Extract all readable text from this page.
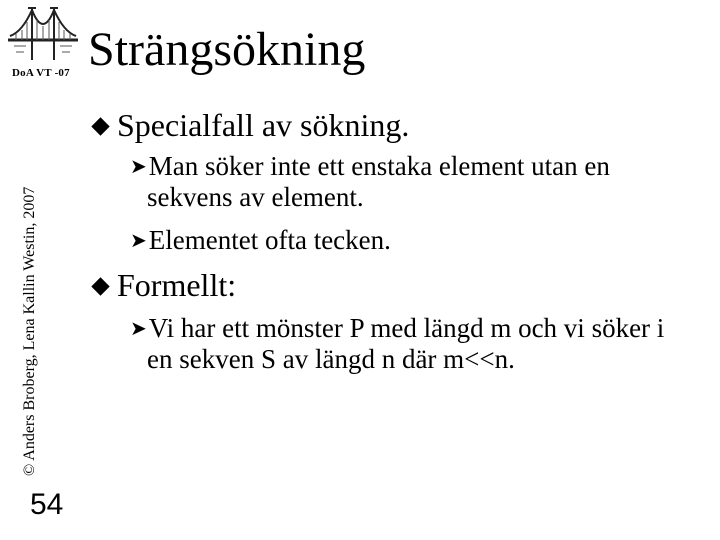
DoA VT -07
© Anders Broberg, Lena Kallin Westin, 2007
54
Strängsökning
Specialfall av sökning.
➤Man söker inte ett enstaka element utan en
sekvens av element.
➤Elementet ofta tecken.
Formellt:
➤Vi har ett mönster P med längd m och vi söker i
en sekven S av längd n där m<<n.
